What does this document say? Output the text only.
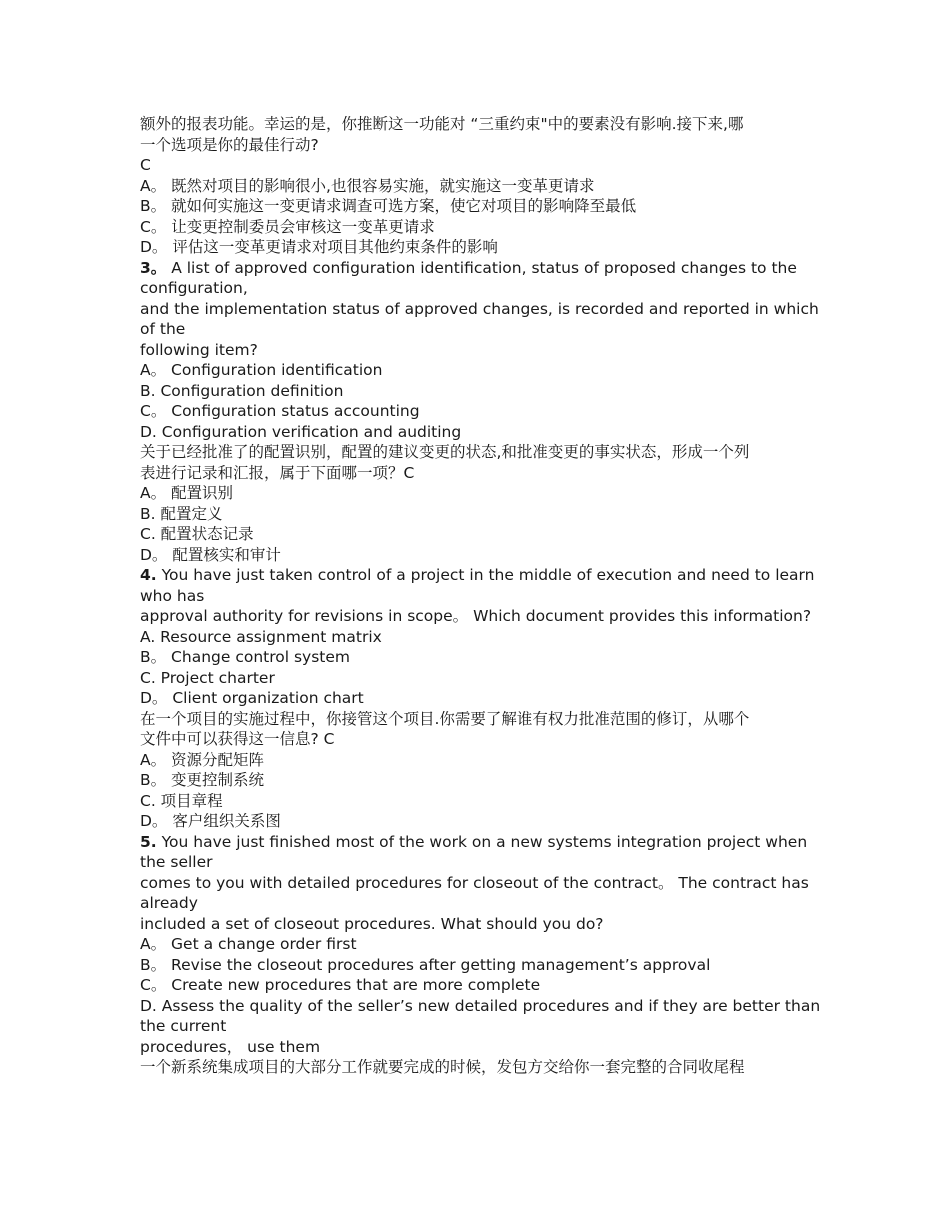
额外的报表功能。幸运的是，你推断这一功能对 “三重约束"中的要素没有影响.接下来,哪
一个选项是你的最佳行动?
C
A。 既然对项目的影响很小,也很容易实施，就实施这一变革更请求
B。 就如何实施这一变更请求调查可选方案，使它对项目的影响降至最低
C。 让变更控制委员会审核这一变革更请求
D。 评估这一变革更请求对项目其他约束条件的影响
3。 A list of approved configuration identification, status of proposed changes to the configuration,
and the implementation status of approved changes, is recorded and reported in which of the
following item?
A。 Configuration identification
B. Configuration definition
C。 Configuration status accounting
D. Configuration verification and auditing
关于已经批准了的配置识别，配置的建议变更的状态,和批准变更的事实状态，形成一个列
表进行记录和汇报，属于下面哪一项？C
A。 配置识别
B. 配置定义
C. 配置状态记录
D。 配置核实和审计
4. You have just taken control of a project in the middle of execution and need to learn who has
approval authority for revisions in scope。 Which document provides this information?
A. Resource assignment matrix
B。 Change control system
C. Project charter
D。 Client organization chart
在一个项目的实施过程中，你接管这个项目.你需要了解谁有权力批准范围的修订，从哪个
文件中可以获得这一信息? C
A。 资源分配矩阵
B。 变更控制系统
C. 项目章程
D。 客户组织关系图
5. You have just finished most of the work on a new systems integration project when the seller
comes to you with detailed procedures for closeout of the contract。 The contract has already
included a set of closeout procedures. What should you do?
A。 Get a change order first
B。 Revise the closeout procedures after getting management’s approval
C。 Create new procedures that are more complete
D. Assess the quality of the seller’s new detailed procedures and if they are better than the current
procedures， use them
一个新系统集成项目的大部分工作就要完成的时候，发包方交给你一套完整的合同收尾程
